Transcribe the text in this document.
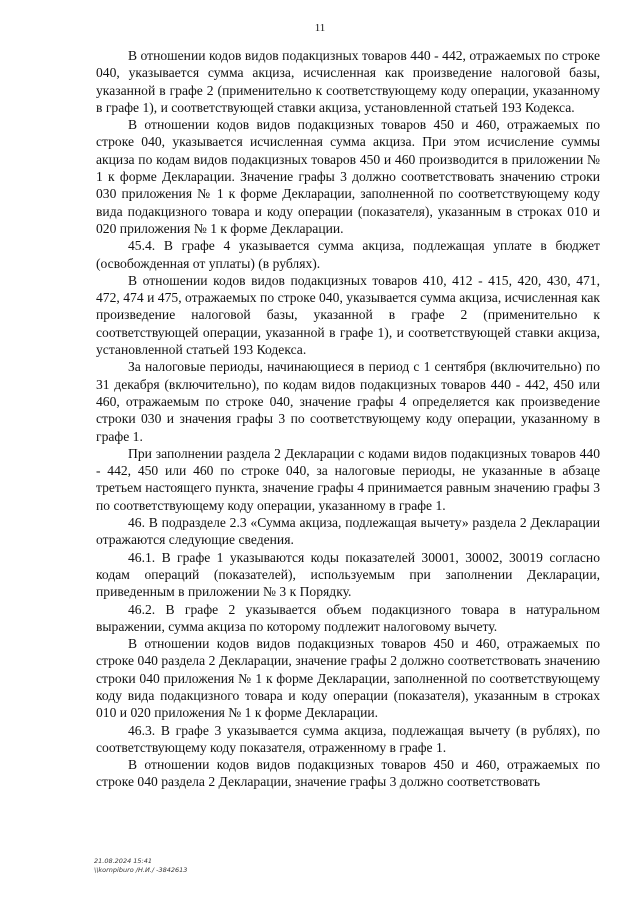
11

В отношении кодов видов подакцизных товаров 440 - 442, отражаемых по строке 040, указывается сумма акциза, исчисленная как произведение налоговой базы, указанной в графе 2 (применительно к соответствующему коду операции, указанному в графе 1), и соответствующей ставки акциза, установленной статьей 193 Кодекса.

В отношении кодов видов подакцизных товаров 450 и 460, отражаемых по строке 040, указывается исчисленная сумма акциза. При этом исчисление суммы акциза по кодам видов подакцизных товаров 450 и 460 производится в приложении № 1 к форме Декларации. Значение графы 3 должно соответствовать значению строки 030 приложения № 1 к форме Декларации, заполненной по соответствующему коду вида подакцизного товара и коду операции (показателя), указанным в строках 010 и 020 приложения № 1 к форме Декларации.

45.4. В графе 4 указывается сумма акциза, подлежащая уплате в бюджет (освобожденная от уплаты) (в рублях).

В отношении кодов видов подакцизных товаров 410, 412 - 415, 420, 430, 471, 472, 474 и 475, отражаемых по строке 040, указывается сумма акциза, исчисленная как произведение налоговой базы, указанной в графе 2 (применительно к соответствующей операции, указанной в графе 1), и соответствующей ставки акциза, установленной статьей 193 Кодекса.

За налоговые периоды, начинающиеся в период с 1 сентября (включительно) по 31 декабря (включительно), по кодам видов подакцизных товаров 440 - 442, 450 или 460, отражаемым по строке 040, значение графы 4 определяется как произведение строки 030 и значения графы 3 по соответствующему коду операции, указанному в графе 1.

При заполнении раздела 2 Декларации с кодами видов подакцизных товаров 440 - 442, 450 или 460 по строке 040, за налоговые периоды, не указанные в абзаце третьем настоящего пункта, значение графы 4 принимается равным значению графы 3 по соответствующему коду операции, указанному в графе 1.

46. В подразделе 2.3 «Сумма акциза, подлежащая вычету» раздела 2 Декларации отражаются следующие сведения.

46.1. В графе 1 указываются коды показателей 30001, 30002, 30019 согласно кодам операций (показателей), используемым при заполнении Декларации, приведенным в приложении № 3 к Порядку.

46.2. В графе 2 указывается объем подакцизного товара в натуральном выражении, сумма акциза по которому подлежит налоговому вычету.

В отношении кодов видов подакцизных товаров 450 и 460, отражаемых по строке 040 раздела 2 Декларации, значение графы 2 должно соответствовать значению строки 040 приложения № 1 к форме Декларации, заполненной по соответствующему коду вида подакцизного товара и коду операции (показателя), указанным в строках 010 и 020 приложения № 1 к форме Декларации.

46.3. В графе 3 указывается сумма акциза, подлежащая вычету (в рублях), по соответствующему коду показателя, отраженному в графе 1.

В отношении кодов видов подакцизных товаров 450 и 460, отражаемых по строке 040 раздела 2 Декларации, значение графы 3 должно соответствовать

21.08.2024 15:41
\\kornpiburo /Н.И./ -3842613
